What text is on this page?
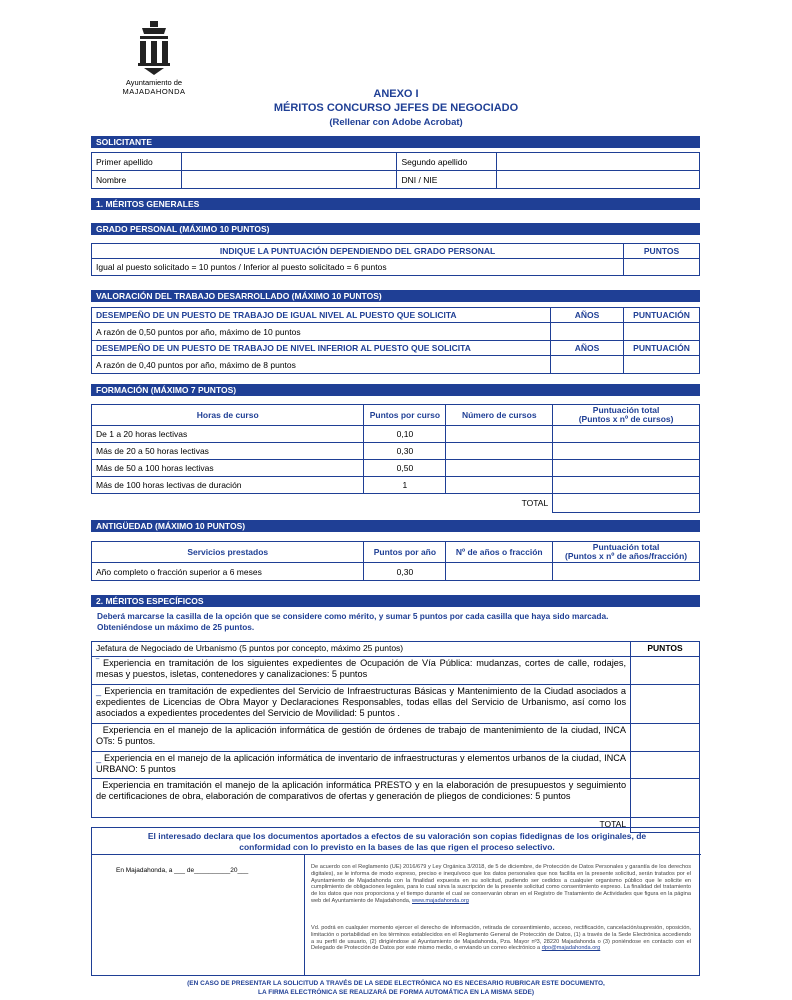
Ayuntamiento de
MAJADAHONDA	ANEXO I
MÉRITOS CONCURSO JEFES DE NEGOCIADO
(Rellenar con Adobe Acrobat)
SOLICITANTE
Primer apellido		Segundo apellido	
Nombre		DNI / NIE	
1. MÉRITOS GENERALES
GRADO PERSONAL (MÁXIMO 10 PUNTOS)
INDIQUE LA PUNTUACIÓN DEPENDIENDO DEL GRADO PERSONAL	PUNTOS
Igual al puesto solicitado = 10 puntos / Inferior al puesto solicitado = 6 puntos	
VALORACIÓN DEL TRABAJO DESARROLLADO (MÁXIMO 10 PUNTOS)
DESEMPEÑO DE UN PUESTO DE TRABAJO DE IGUAL NIVEL AL PUESTO QUE SOLICITA	AÑOS	PUNTUACIÓN
A razón de 0,50 puntos por año, máximo de 10 puntos		
DESEMPEÑO DE UN PUESTO DE TRABAJO DE NIVEL INFERIOR AL PUESTO QUE SOLICITA	AÑOS	PUNTUACIÓN
A razón de 0,40 puntos por año, máximo de 8 puntos		
FORMACIÓN (MÁXIMO 7 PUNTOS)
Horas de curso	Puntos por curso	Número de cursos	Puntuación total
(Puntos x nº de cursos)
De 1 a 20 horas lectivas	0,10		
Más de 20 a 50 horas lectivas	0,30		
Más de 50 a 100 horas lectivas	0,50		
Más de 100 horas lectivas de duración	1		
TOTAL			
ANTIGÜEDAD (MÁXIMO 10 PUNTOS)
Servicios prestados	Puntos por año	Nº de años o fracción	Puntuación total
(Puntos x nº de años/fracción)
Año completo o fracción superior a 6 meses	0,30		
2. MÉRITOS ESPECÍFICOS
Deberá marcarse la casilla de la opción que se considere como mérito, y sumar 5 puntos por cada casilla que haya sido marcada.
Obteniéndose un máximo de 25 puntos.
Jefatura de Negociado de Urbanismo (5 puntos por concepto, máximo 25 puntos)	PUNTOS
‾ Experiencia en tramitación de los siguientes expedientes de Ocupación de Vía Pública: mudanzas, cortes de calle, rodajes, mesas y puestos, isletas, contenedores y canalizaciones: 5 puntos	
_ Experiencia en tramitación de expedientes del Servicio de Infraestructuras Básicas y Mantenimiento de la Ciudad asociados a expedientes de Licencias de Obra Mayor y Declaraciones Responsables, todas ellas del Servicio de Urbanismo, así como los asociados a expedientes procedentes del Servicio de Movilidad: 5 puntos .	
Experiencia en el manejo de la aplicación informática de gestión de órdenes de trabajo de mantenimiento de la ciudad, INCA OTs: 5 puntos.	
_ Experiencia en el manejo de la aplicación informática de inventario de infraestructuras y elementos urbanos de la ciudad, INCA URBANO: 5 puntos	
Experiencia en tramitación el manejo de la aplicación informática PRESTO y en la elaboración de presupuestos y seguimiento de certificaciones de obra, elaboración de comparativos de ofertas y generación de pliegos de condiciones: 5 puntos	
TOTAL	
El interesado declara que los documentos aportados a efectos de su valoración son copias fidedignas de los originales, de
conformidad con lo previsto en la bases de las que rigen el proceso selectivo.
En Majadahonda, a ___ de__________20___	De acuerdo con el Reglamento (UE) 2016/679 y Ley Orgánica 3/2018, de 5 de diciembre, de Protección de Datos Personales y garantía de los derechos digitales), se le informa de modo expreso, preciso e inequívoco que los datos personales que nos facilita en la presente solicitud, serán tratados por el Ayuntamiento de Majadahonda con la finalidad expuesta en su solicitud, pudiendo ser cedidos a cualquier organismo público que le solicite en cumplimiento de obligaciones legales, para lo cual sirva la suscripción de la presente solicitud como consentimiento expreso. La finalidad del tratamiento de los datos que nos proporciona y el tiempo durante el cual se conservarán obran en el Registro de Tratamiento de Actividades que figura en la página web del Ayuntamiento de Majadahonda, www.majadahonda.org
Vd. podrá en cualquier momento ejercer el derecho de información, retirada de consentimiento, acceso, rectificación, cancelación/supresión, oposición, limitación o portabilidad en los términos establecidos en el Reglamento General de Protección de Datos, (1) a través de la Sede Electrónica accediendo a su perfil de usuario, (2) dirigiéndose al Ayuntamiento de Majadahonda, Pza. Mayor nº3, 28220 Majadahonda o (3) poniéndose en contacto con el Delegado de Protección de Datos por este mismo medio, o enviando un correo electrónico a dpo@majadahonda.org
(EN CASO DE PRESENTAR LA SOLICITUD A TRAVÉS DE LA SEDE ELECTRÓNICA NO ES NECESARIO RUBRICAR ESTE DOCUMENTO,
LA FIRMA ELECTRÓNICA SE REALIZARÁ DE FORMA AUTOMÁTICA EN LA MISMA SEDE)
